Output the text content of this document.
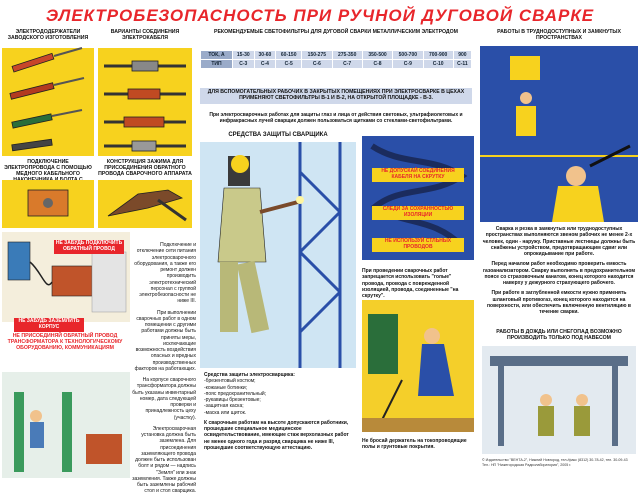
ЭЛЕКТРОБЕЗОПАСНОСТЬ ПРИ РУЧНОЙ ДУГОВОЙ СВАРКЕ
ЭЛЕКТРОДОДЕРЖАТЕЛИ ЗАВОДСКОГО ИЗГОТОВЛЕНИЯ
ВАРИАНТЫ СОЕДИНЕНИЯ ЭЛЕКТРОКАБЕЛЯ
ПОДКЛЮЧЕНИЕ ЭЛЕКТРОПРОВОДА С ПОМОЩЬЮ МЕДНОГО КАБЕЛЬНОГО
КОНСТРУКЦИЯ ЗАЖИМА ДЛЯ ПРИСОЕДИНЕНИЯ ОБРАТНОГО ПРОВОДА СВАРОЧНОГО АППАРАТА
НЕ ЗАБУДЬ ПОДКЛЮЧИТЬ ОБРАТНЫЙ ПРОВОД
НЕ ЗАБУДЬ ЗАЗЕМЛИТЬ КОРПУС
НЕ ПРИСОЕДИНЯЙ ОБРАТНЫЙ ПРОВОД ТРАНСФОРМАТОРА К ТЕХНОЛОГИЧЕСКОМУ ОБОРУДОВАНИЮ, КОММУНИКАЦИЯМ

Подключение и отключение сети питания электросварочного оборудования, а также его ремонт должен производить электротехнический персонал с группой электробезопасности не ниже III.

При выполнении сварочных работ в одном помещении с другими работами должны быть приняты меры, исключающие возможность воздействия опасных и вредных производственных факторов на работающих.

На корпусе сварочного трансформатора должны быть указаны инвентарный номер, дата следующей проверки и принадлежность цеху (участку).

Электросварочная установка должна быть заземлена. Для присоединения заземляющего провода должен быть использован болт и рядом — надпись "Земля" или знак заземления. Также должны быть заземлены рабочий стол и стол сварщика.

РЕКОМЕНДУЕМЫЕ СВЕТОФИЛЬТРЫ ДЛЯ ДУГОВОЙ СВАРКИ МЕТАЛЛИЧЕСКИМ ЭЛЕКТРОДОМ
ТОК, А	15-30	30-60	60-150	150-275	275-350	350-500	500-700	700-900	900
ТИП	С-3	С-4	С-5	С-6	С-7	С-8	С-9	С-10	С-11
ДЛЯ ВСПОМОГАТЕЛЬНЫХ РАБОЧИХ В ЗАКРЫТЫХ ПОМЕЩЕНИЯХ ПРИ ЭЛЕКТРОСВАРКЕ В ЦЕХАХ ПРИМЕНЯЮТ СВЕТОФИЛЬТРЫ В-1 И В-2, НА ОТКРЫТОЙ ПЛОЩАДКЕ - В-3.
При электросварочных работах для защиты глаз и лица от действия световых, ультрафиолетовых и инфракрасных лучей сварщик должен пользоваться щитками со стеклами-светофильтрами.
СРЕДСТВА ЗАЩИТЫ СВАРЩИКА

Средства защиты электросварщика:

-брезентовый костюм;

-кожаные ботинки;

-пояс предохранительный;

-рукавицы брезентовые;

-защитная каска;

-маска или щиток.

К сварочным работам на высоте допускаются работники, прошедшие специальное медицинское освидетельствование, имеющие стаж верхолазных работ не менее одного года и разряд сварщика не ниже III, прошедшие соответствующую аттестацию.

НЕ ДОПУСКАЙ СОЕДИНЕНИЯ КАБЕЛЯ НА СКРУТКУ
СЛЕДИ ЗА СОХРАННОСТЬЮ ИЗОЛЯЦИИ
НЕ ИСПОЛЬЗУЙ СТЛЬНЫХ ПРОВОДОВ
При проведении сварочных работ запрещается использовать "голые" провода, провода с поврежденной изоляцией, провода, соединенные "на скрутку".
Не бросай держатель на токопроводящие полы и грунтовые покрытия.
РАБОТЫ В ТРУДНОДОСТУПНЫХ И ЗАМКНУТЫХ ПРОСТРАНСТВАХ

Сварка и резка в замкнутых или труднодоступных пространствах выполняются звеном рабочих не менее 2-х человек, один - наружу. Приставные лестницы должны быть снабжены устройством, предотвращающим сдвиг или опрокидывание при работе.

Перед началом работ необходимо проверить емкость газоанализатором. Сварку выполнять в предохранительном поясе со страховочным канатом, конец которого находится наверху у дежурного страхующего рабочего.

При работе в заглубленной емкости нужно применять шланговый противогаз, конец которого находится на поверхности, или обеспечить включенную вентиляцию в течение сварки.

РАБОТЫ В ДОЖДЬ ИЛИ СНЕГОПАД ВОЗМОЖНО ПРОИЗВОДИТЬ ТОЛЬКО ПОД НАВЕСОМ

© Издательство "ВЕНТА-2", Нижний Новгород, тел./факс (8312) 30-78-42, тел. 30-09-43

Тел.: НП "Нижегородская Радиолаборатория", 2005 г.
